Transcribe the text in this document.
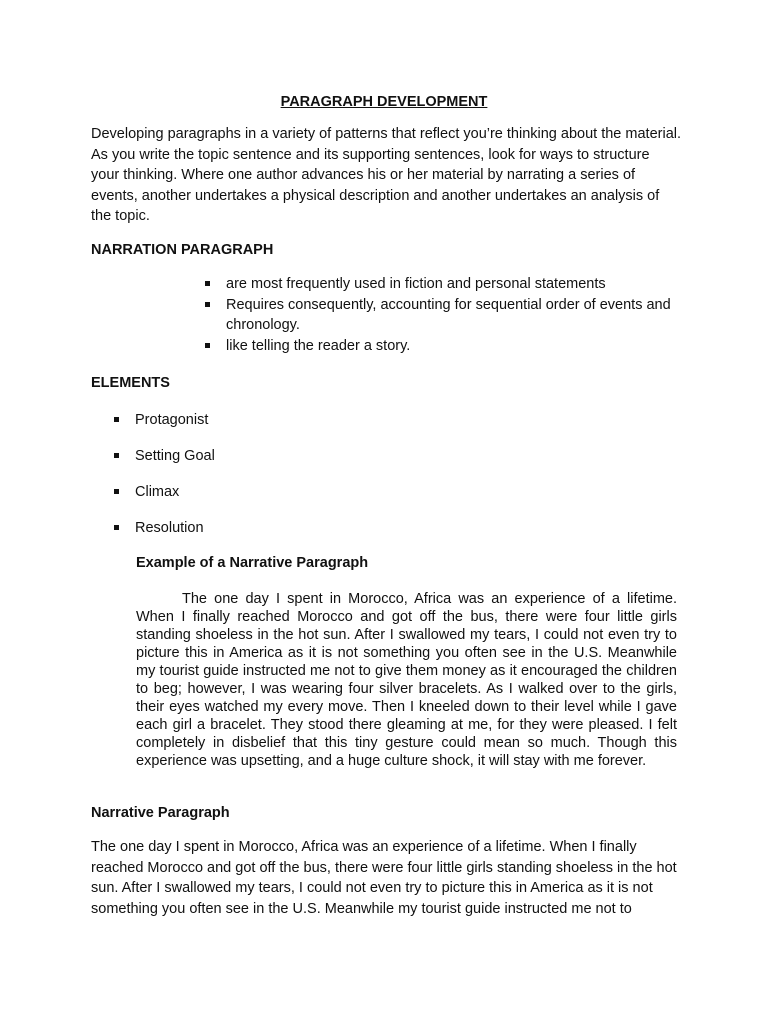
PARAGRAPH DEVELOPMENT

Developing paragraphs in a variety of patterns that reflect you’re thinking about the material. As you write the topic sentence and its supporting sentences, look for ways to structure your thinking. Where one author advances his or her material by narrating a series of events, another undertakes a physical description and another undertakes an analysis of the topic.

NARRATION PARAGRAPH
are most frequently used in fiction and personal statements
Requires consequently, accounting for sequential order of events and chronology.
like telling the reader a story.
ELEMENTS
Protagonist
Setting Goal
Climax
Resolution
Example of a Narrative Paragraph

The one day I spent in Morocco, Africa was an experience of a lifetime. When I finally reached Morocco and got off the bus, there were four little girls standing shoeless in the hot sun. After I swallowed my tears, I could not even try to picture this in America as it is not something you often see in the U.S. Meanwhile my tourist guide instructed me not to give them money as it encouraged the children to beg; however, I was wearing four silver bracelets. As I walked over to the girls, their eyes watched my every move. Then I kneeled down to their level while I gave each girl a bracelet. They stood there gleaming at me, for they were pleased. I felt completely in disbelief that this tiny gesture could mean so much. Though this experience was upsetting, and a huge culture shock, it will stay with me forever.

Narrative Paragraph

The one day I spent in Morocco, Africa was an experience of a lifetime. When I finally reached Morocco and got off the bus, there were four little girls standing shoeless in the hot sun. After I swallowed my tears, I could not even try to picture this in America as it is not something you often see in the U.S. Meanwhile my tourist guide instructed me not to
